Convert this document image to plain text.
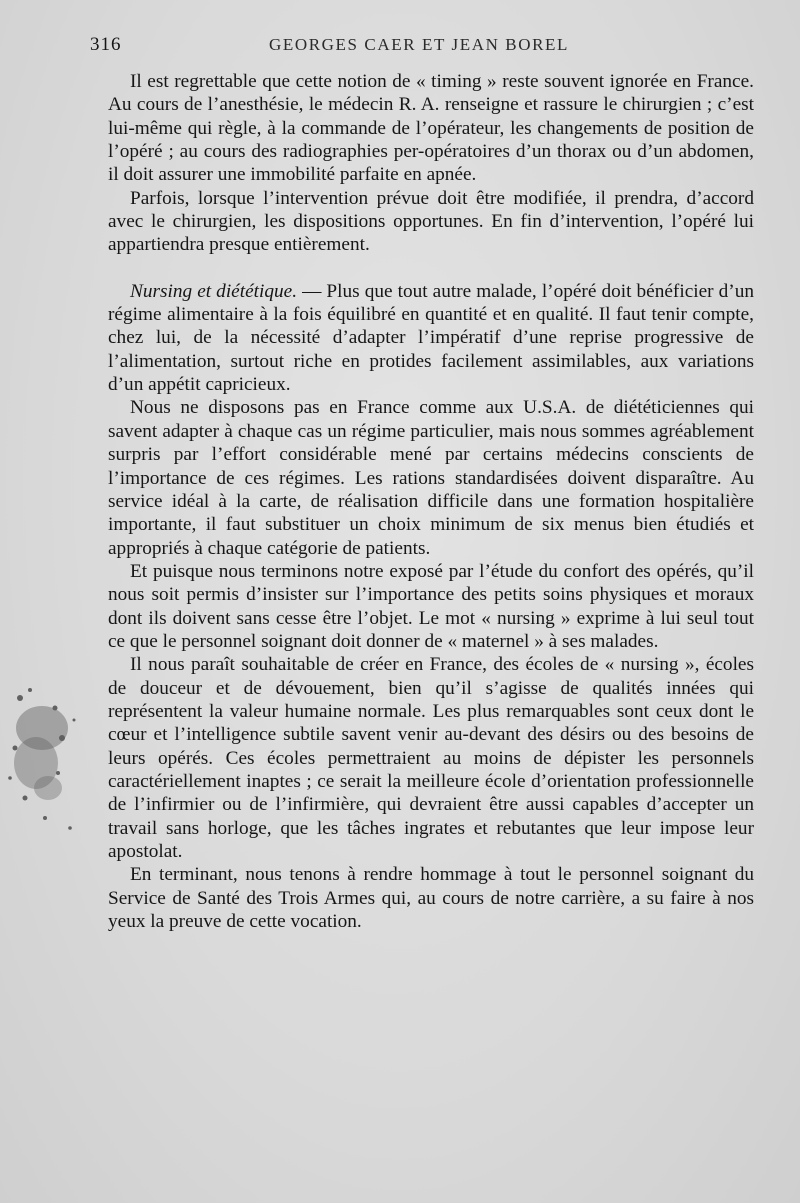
316	GEORGES CAER ET JEAN BOREL

Il est regrettable que cette notion de « timing » reste souvent ignorée en France. Au cours de l’anesthésie, le médecin R. A. renseigne et rassure le chirurgien ; c’est lui-même qui règle, à la commande de l’opérateur, les changements de position de l’opéré ; au cours des radiographies per-opératoires d’un thorax ou d’un abdomen, il doit assurer une immobilité parfaite en apnée.

Parfois, lorsque l’intervention prévue doit être modifiée, il prendra, d’accord avec le chirurgien, les dispositions opportunes. En fin d’intervention, l’opéré lui appartiendra presque entièrement.

Nursing et diététique. — Plus que tout autre malade, l’opéré doit bénéficier d’un régime alimentaire à la fois équilibré en quantité et en qualité. Il faut tenir compte, chez lui, de la nécessité d’adapter l’impératif d’une reprise progressive de l’alimentation, surtout riche en protides facilement assimilables, aux variations d’un appétit capricieux.

Nous ne disposons pas en France comme aux U.S.A. de diététiciennes qui savent adapter à chaque cas un régime particulier, mais nous sommes agréablement surpris par l’effort considérable mené par certains médecins conscients de l’importance de ces régimes. Les rations standardisées doivent disparaître. Au service idéal à la carte, de réalisation difficile dans une formation hospitalière importante, il faut substituer un choix minimum de six menus bien étudiés et appropriés à chaque catégorie de patients.

Et puisque nous terminons notre exposé par l’étude du confort des opérés, qu’il nous soit permis d’insister sur l’importance des petits soins physiques et moraux dont ils doivent sans cesse être l’objet. Le mot « nursing » exprime à lui seul tout ce que le personnel soignant doit donner de « maternel » à ses malades.

Il nous paraît souhaitable de créer en France, des écoles de « nursing », écoles de douceur et de dévouement, bien qu’il s’agisse de qualités innées qui représentent la valeur humaine normale. Les plus remarquables sont ceux dont le cœur et l’intelligence subtile savent venir au-devant des désirs ou des besoins de leurs opérés. Ces écoles permettraient au moins de dépister les personnels caractériellement inaptes ; ce serait la meilleure école d’orientation professionnelle de l’infirmier ou de l’infirmière, qui devraient être aussi capables d’accepter un travail sans horloge, que les tâches ingrates et rebutantes que leur impose leur apostolat.

En terminant, nous tenons à rendre hommage à tout le personnel soignant du Service de Santé des Trois Armes qui, au cours de notre carrière, a su faire à nos yeux la preuve de cette vocation.
